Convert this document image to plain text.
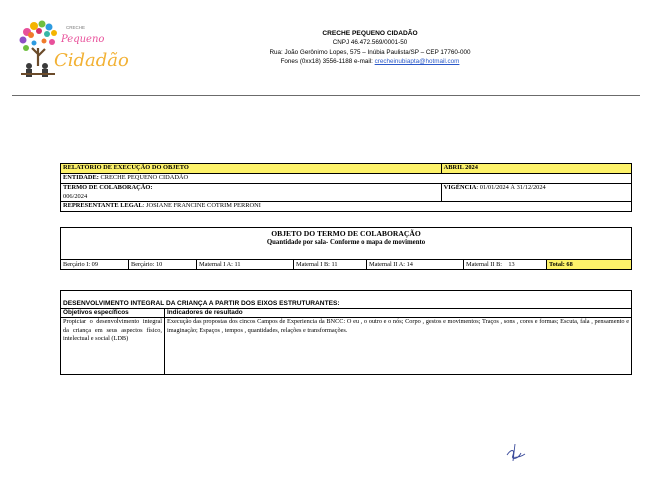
CRECHE
Pequeno
Cidadão
CRECHE PEQUENO CIDADÃO
CNPJ 46.472.569/0001-50
Rua: João Gerônimo Lopes, 575 – Inúbia Paulista/SP – CEP 17760-000
Fones (0xx18) 3556-1188 e-mail: crecheinubiapta@hotmail.com
RELATÓRIO DE EXECUÇÃO DO OBJETO	ABRIL 2024
ENTIDADE: CRECHE PEQUENO CIDADÃO	
TERMO DE COLABORAÇÃO:
006/2024	VIGÊNCIA: 01/01/2024 À 31/12/2024
REPRESENTANTE LEGAL: JOSIANE FRANCINE COTRIM PERRONI	
OBJETO DO TERMO DE COLABORAÇÃO
Quantidade por sala- Conforme o mapa de movimento
Berçário I: 09	Berçário: 10	Maternal I A: 11	Maternal I B: 11	Maternal II A: 14	Maternal II B:    13	Total: 68
DESENVOLVIMENTO INTEGRAL DA CRIANÇA A PARTIR DOS EIXOS ESTRUTURANTES:
Objetivos específicos	Indicadores de resultado
Propiciar o desenvolvimento integral da criança em seus aspectos físico, intelectual e social (LDB)	Execução das propostas dos cincos Campos de Experiencia da BNCC: O eu , o outro e o nós; Corpo , gestos e movimentos; Traços , sons , cores e formas; Escuta, fala , pensamento e imaginação; Espaços , tempos , quantidades, relações e transformações.
